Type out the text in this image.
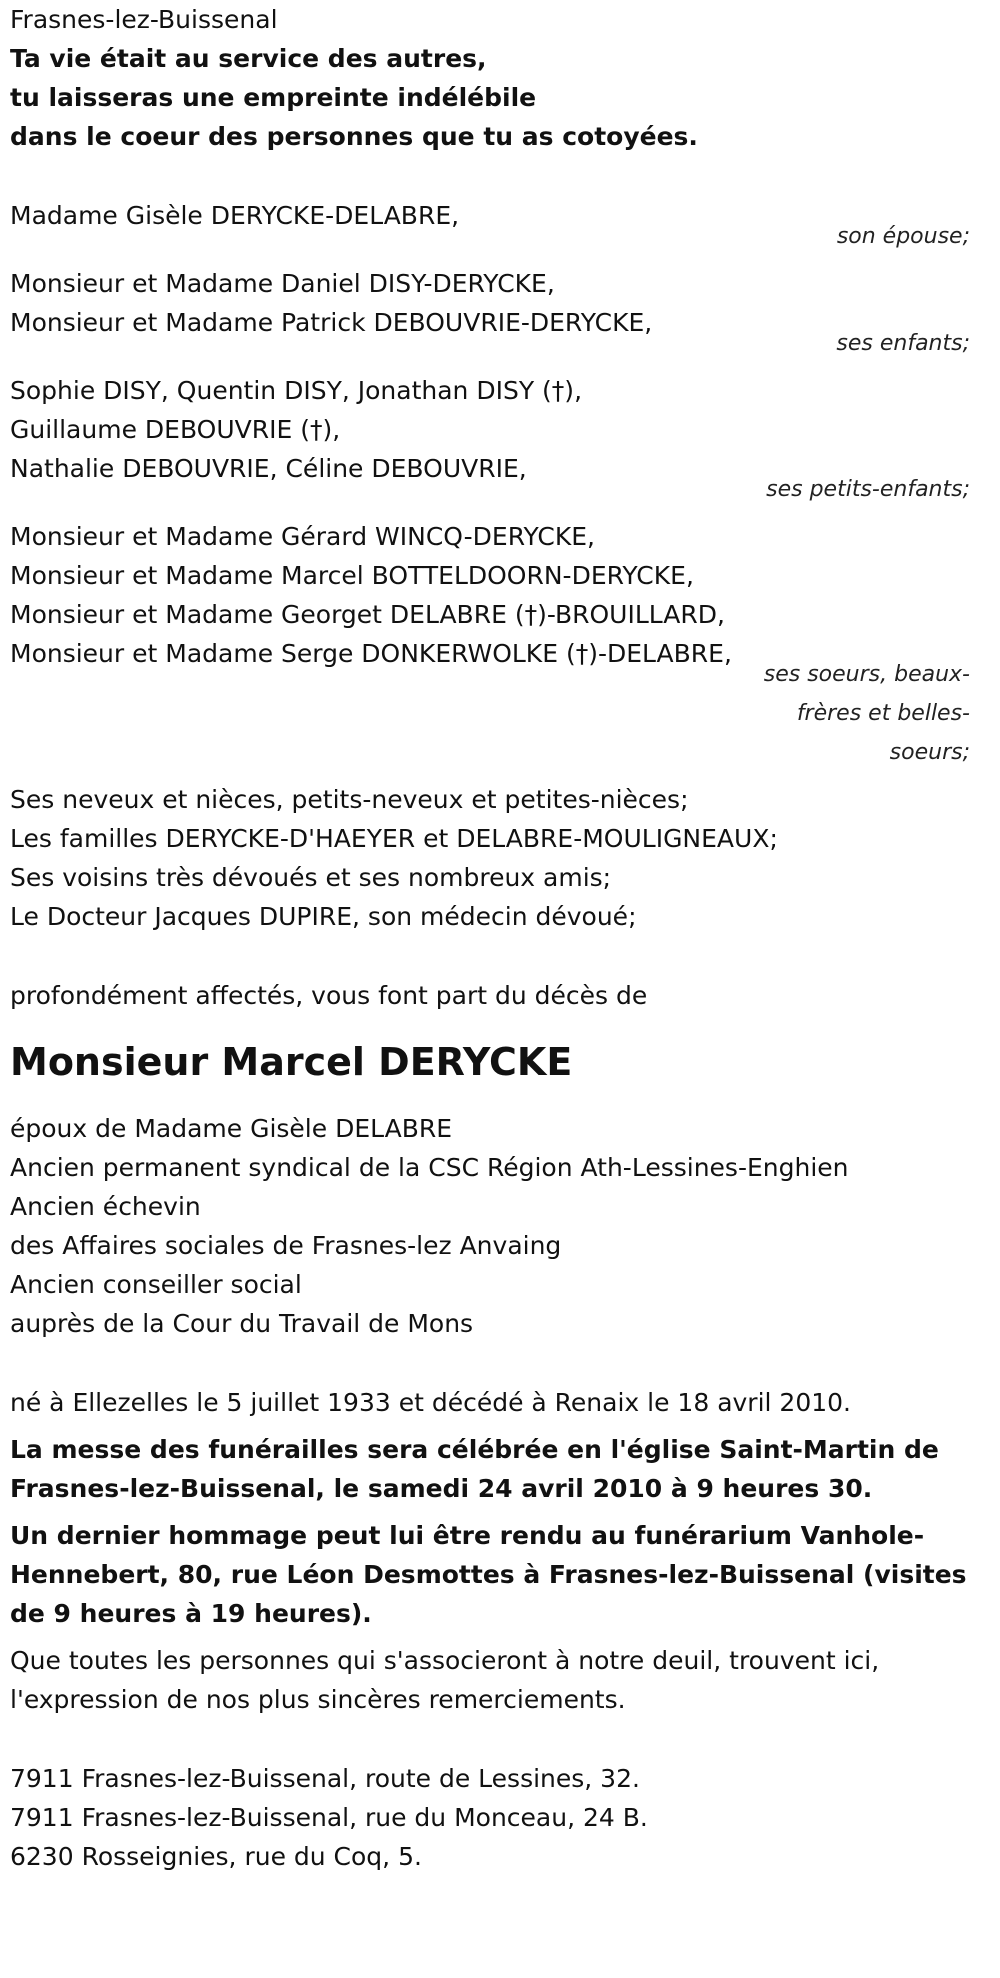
Frasnes-lez-Buissenal

Ta vie était au service des autres,

tu laisseras une empreinte indélébile

dans le coeur des personnes que tu as cotoyées.

Madame Gisèle DERYCKE-DELABRE,

son épouse;

Monsieur et Madame Daniel DISY-DERYCKE,

Monsieur et Madame Patrick DEBOUVRIE-DERYCKE,

ses enfants;

Sophie DISY, Quentin DISY, Jonathan DISY (†),

Guillaume DEBOUVRIE (†),

Nathalie DEBOUVRIE, Céline DEBOUVRIE,

ses petits-enfants;

Monsieur et Madame Gérard WINCQ-DERYCKE,

Monsieur et Madame Marcel BOTTELDOORN-DERYCKE,

Monsieur et Madame Georget DELABRE (†)-BROUILLARD,

Monsieur et Madame Serge DONKERWOLKE (†)-DELABRE,

ses soeurs, beaux-frères et belles-soeurs;

Ses neveux et nièces, petits-neveux et petites-nièces;

Les familles DERYCKE-D'HAEYER et DELABRE-MOULIGNEAUX;

Ses voisins très dévoués et ses nombreux amis;

Le Docteur Jacques DUPIRE, son médecin dévoué;

profondément affectés, vous font part du décès de

Monsieur Marcel DERYCKE

époux de Madame Gisèle DELABRE

Ancien permanent syndical de la CSC Région Ath-Lessines-Enghien

Ancien échevin

des Affaires sociales de Frasnes-lez Anvaing

Ancien conseiller social

auprès de la Cour du Travail de Mons

né à Ellezelles le 5 juillet 1933 et décédé à Renaix le 18 avril 2010.

La messe des funérailles sera célébrée en l'église Saint-Martin de Frasnes-lez-Buissenal, le samedi 24 avril 2010 à 9 heures 30.

Un dernier hommage peut lui être rendu au funérarium Vanhole-Hennebert, 80, rue Léon Desmottes à Frasnes-lez-Buissenal (visites de 9 heures à 19 heures).

Que toutes les personnes qui s'associeront à notre deuil, trouvent ici, l'expression de nos plus sincères remerciements.

7911 Frasnes-lez-Buissenal, route de Lessines, 32.

7911 Frasnes-lez-Buissenal, rue du Monceau, 24 B.

6230 Rosseignies, rue du Coq, 5.
